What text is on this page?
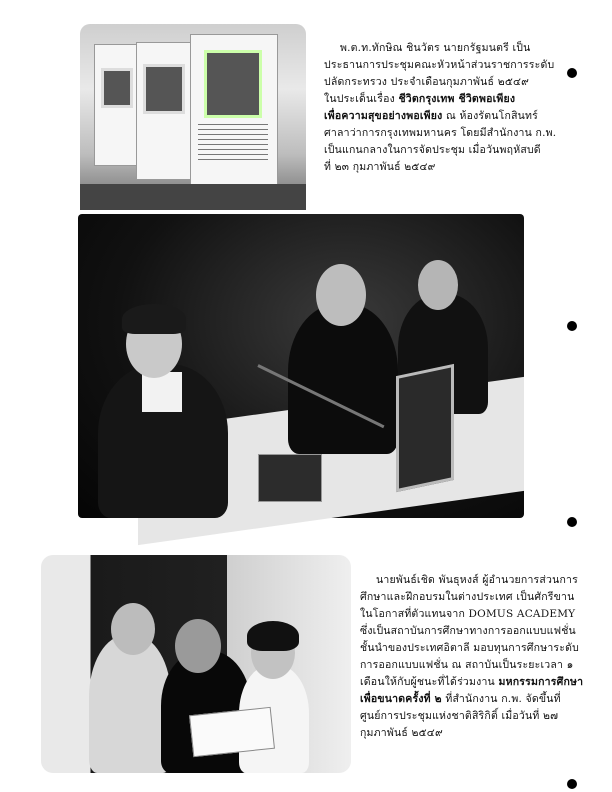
พ.ต.ท.ทักษิณ ชินวัตร นายกรัฐมนตรี เป็น
ประธานการประชุมคณะหัวหน้าส่วนราชการระดับ
ปลัดกระทรวง ประจำเดือนกุมภาพันธ์ ๒๕๔๙
ในประเด็นเรื่อง ชีวิตกรุงเทพ ชีวิตพอเพียง
เพื่อความสุขอย่างพอเพียง ณ ห้องรัตนโกสินทร์
ศาลาว่าการกรุงเทพมหานคร โดยมีสำนักงาน ก.พ.
เป็นแกนกลางในการจัดประชุม เมื่อวันพฤหัสบดี
ที่ ๒๓ กุมภาพันธ์ ๒๕๔๙
นายพันธ์เชิด พันธุหงส์ ผู้อำนวยการส่วนการ
ศึกษาและฝึกอบรมในต่างประเทศ เป็นศักรีขาน
ในโอกาสที่ตัวแทนจาก DOMUS ACADEMY
ซึ่งเป็นสถาบันการศึกษาทางการออกแบบแฟชั่น
ชั้นนำของประเทศอิตาลี มอบทุนการศึกษาระดับ
การออกแบบแฟชั่น ณ สถาบันเป็นระยะเวลา ๑
เดือนให้กับผู้ชนะที่ได้ร่วมงาน มหกรรมการศึกษา
เพื่อขนาดครั้งที่ ๒ ที่สำนักงาน ก.พ. จัดขึ้นที่
ศูนย์การประชุมแห่งชาติสิริกิติ์ เมื่อวันที่ ๒๗
กุมภาพันธ์ ๒๕๔๙
